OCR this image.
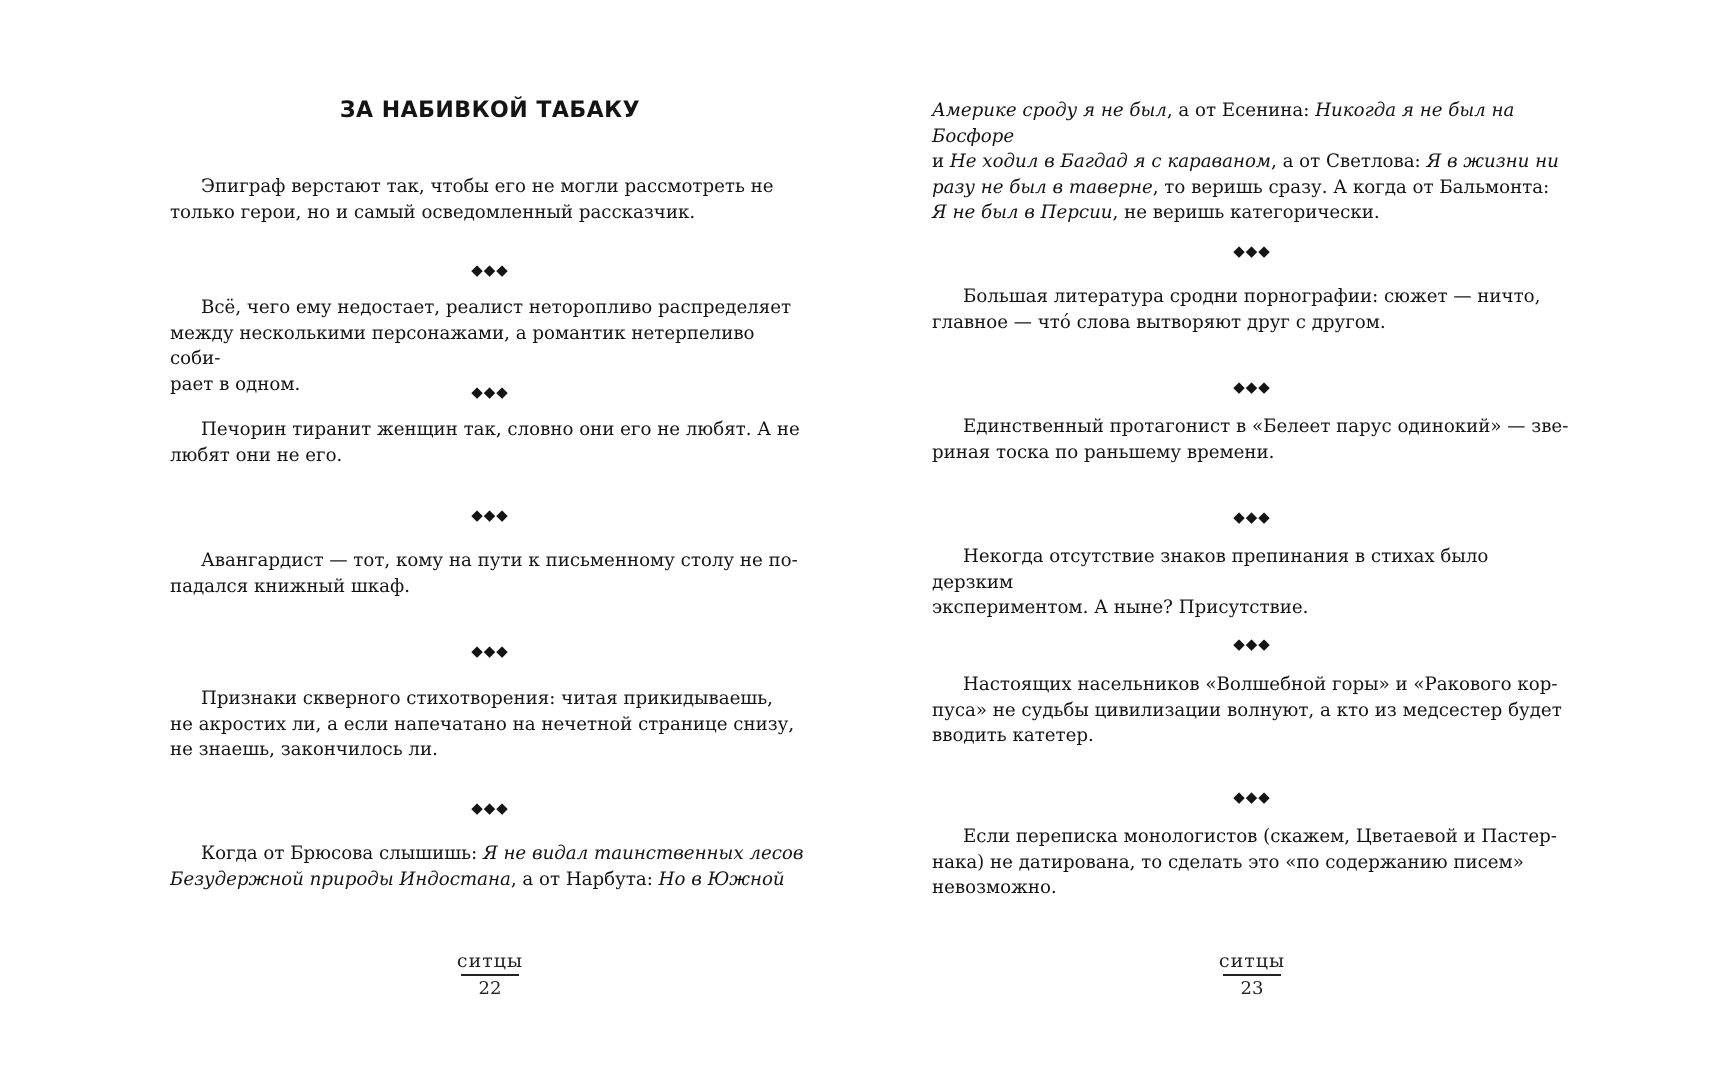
ЗА НАБИВКОЙ ТАБАКУ

Эпиграф верстают так, чтобы его не могли рассмотреть не
только герои, но и самый осведомленный рассказчик.

◆◆◆

Всё, чего ему недостает, реалист неторопливо распределяет
между несколькими персонажами, а романтик нетерпеливо соби-
рает в одном.	◆◆◆

Печорин тиранит женщин так, словно они его не любят. А не
любят они не его.

◆◆◆

Авангардист — тот, кому на пути к письменному столу не по-
падался книжный шкаф.

◆◆◆

Признаки скверного стихотворения: читая прикидываешь,
не акростих ли, а если напечатано на нечетной странице снизу,
не знаешь, закончилось ли.

◆◆◆

Когда от Брюсова слышишь: Я не видал таинственных лесов
Безудержной природы Индостана, а от Нарбута: Но в Южной

ситцы
22

Америке сроду я не был, а от Есенина: Никогда я не был на Босфоре
и Не ходил в Багдад я с караваном, а от Светлова: Я в жизни ни
разу не был в таверне, то веришь сразу. А когда от Бальмонта:
Я не был в Персии, не веришь категорически.

◆◆◆

Большая литература сродни порнографии: сюжет — ничто,
главное — чтó слова вытворяют друг с другом.

◆◆◆

Единственный протагонист в «Белеет парус одинокий» — зве-
риная тоска по раньшему времени.

◆◆◆

Некогда отсутствие знаков препинания в стихах было дерзким
экспериментом. А ныне? Присутствие.

◆◆◆

Настоящих насельников «Волшебной горы» и «Ракового кор-
пуса» не судьбы цивилизации волнуют, а кто из медсестер будет
вводить катетер.

◆◆◆

Если переписка монологистов (скажем, Цветаевой и Пастер-
нака) не датирована, то сделать это «по содержанию писем»
невозможно.

ситцы
23
